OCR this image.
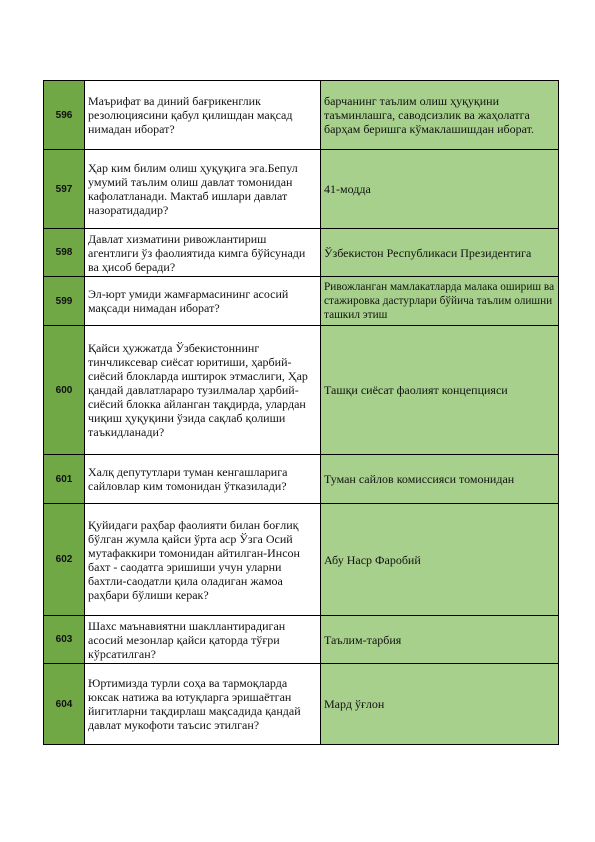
596	Маърифат ва диний бағрикенглик резолюциясини қабул қилишдан мақсад нимадан иборат?	барчанинг таълим олиш ҳуқуқини таъминлашга, саводсизлик ва жаҳолатга барҳам беришга кўмаклашишдан иборат.
597	Ҳар ким билим олиш ҳуқуқига эга.Бепул умумий таълим олиш давлат томонидан кафолатланади. Мактаб ишлари давлат назоратидадир?	41-модда
598	Давлат хизматини ривожлантириш агентлиги ўз фаолиятида кимга бўйсунади ва ҳисоб беради?	Ўзбекистон Республикаси Президентига
599	Эл-юрт умиди жамғармасининг асосий мақсади нимадан иборат?	Ривожланган мамлакатларда малака ошириш ва стажировка дастурлари бўйича таълим олишни ташкил этиш
600	Қайси ҳужжатда Ўзбекистоннинг тинчликсевар сиёсат юритиши, ҳарбий-сиёсий блокларда иштирок этмаслиги, Ҳар қандай давлатлараро тузилмалар ҳарбий-сиёсий блокка айланган тақдирда, улардан чиқиш ҳуқуқини ўзида сақлаб қолиши таъкидланади?	Ташқи сиёсат фаолият концепцияси
601	Халқ депутутлари туман кенгашларига сайловлар ким томонидан ўтказилади?	Туман сайлов комиссияси томонидан
602	Қуйидаги раҳбар фаолияти билан боғлиқ бўлган жумла қайси ўрта аср Ўзга Осий мутафаккири томонидан айтилган-Инсон бахт - саодатга эришиши учун уларни бахтли-саодатли қила оладиган жамоа раҳбари бўлиши керак?	Абу Наср Фаробий
603	Шахс маънавиятни шакллантирадиган асосий мезонлар қайси қаторда тўғри кўрсатилган?	Таълим-тарбия
604	Юртимизда турли соҳа ва тармоқларда юксак натижа ва ютуқларга эришаётган йигитларни тақдирлаш мақсадида қандай давлат мукофоти таъсис этилган?	Мард ўғлон
